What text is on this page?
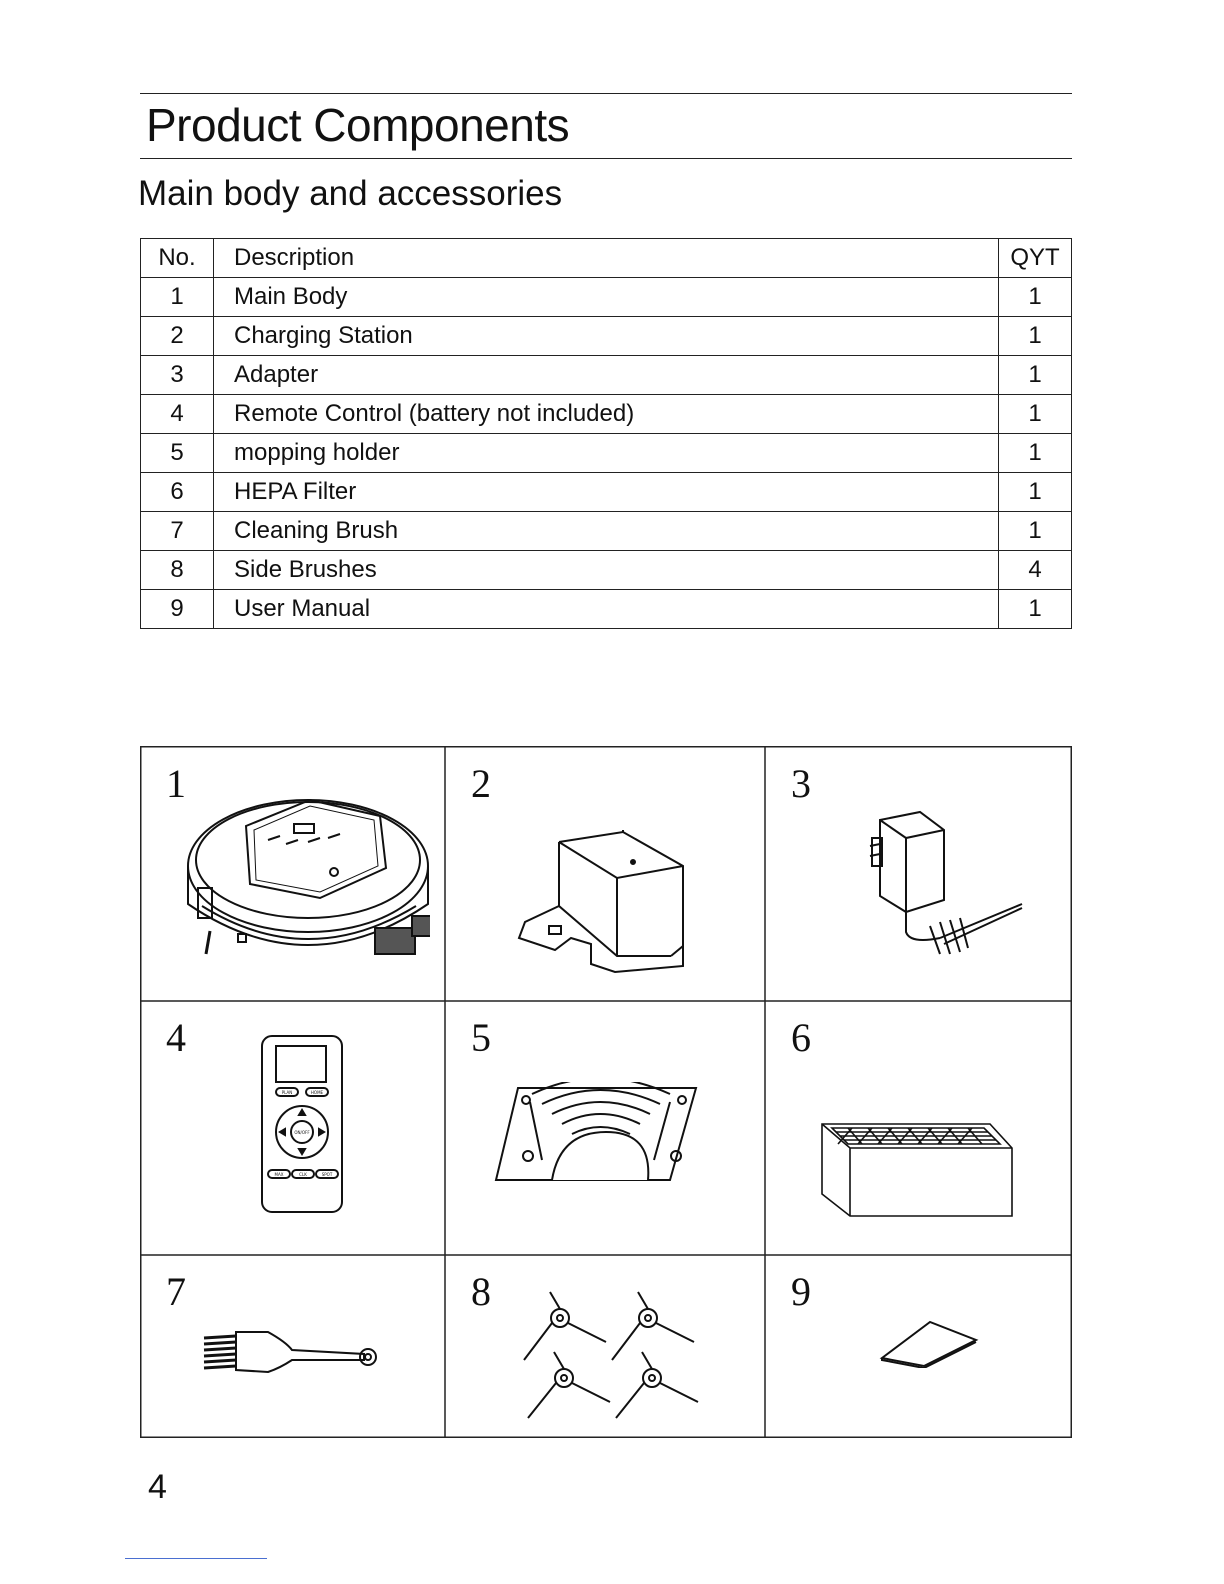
Product Components
Main body and accessories
No.	Description	QYT
1	Main Body	1
2	Charging Station	1
3	Adapter	1
4	Remote Control (battery not included)	1
5	mopping holder	1
6	HEPA Filter	1
7	Cleaning Brush	1
8	Side Brushes	4
9	User Manual	1
1	2	3
4	5	6
7	8	9
PLAN	HOME
ON/OFF
MAX	CLK	SPOT
4
